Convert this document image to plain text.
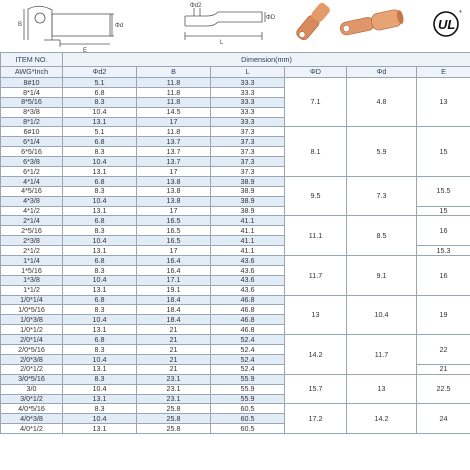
B	Φd
E
Φd2
ΦD
L
UL
®
ITEM NO.	Dimension(mm)					
AWG*Inch	Φd2	B	L	ΦD	Φd	E
8#10	5.1	11.8	33.3	7.1	4.8	13
8*1/4	6.8	11.8	33.3			
8*5/16	8.3	11.8	33.3			
8*3/8	10.4	14.5	33.3			
8*1/2	13.1	17	33.3			
6#10	5.1	11.8	37.3	8.1	5.9	15
6*1/4	6.8	13.7	37.3			
6*5/16	8.3	13.7	37.3			
6*3/8	10.4	13.7	37.3			
6*1/2	13.1	17	37.3			
4*1/4	6.8	13.8	38.9	9.5	7.3	15.5
4*5/16	8.3	13.8	38.9			
4*3/8	10.4	13.8	38.9			
4*1/2	13.1	17	38.9			15
2*1/4	6.8	16.5	41.1	11.1	8.5	16
2*5/16	8.3	16.5	41.1			
2*3/8	10.4	16.5	41.1			
2*1/2	13.1	17	41.1			15.3
1*1/4	6.8	16.4	43.6	11.7	9.1	16
1*5/16	8.3	16.4	43.6			
1*3/8	10.4	17.1	43.6			
1*1/2	13.1	19.1	43.6			
1/0*1/4	6.8	18.4	46.8	13	10.4	19
1/0*5/16	8.3	18.4	46.8			
1/0*3/8	10.4	18.4	46.8			
1/0*1/2	13.1	21	46.8			
2/0*1/4	6.8	21	52.4	14.2	11.7	22
2/0*5/16	8.3	21	52.4			
2/0*3/8	10.4	21	52.4			
2/0*1/2	13.1	21	52.4			21
3/0*5/16	8.3	23.1	55.9	15.7	13	22.5
3/0	10.4	23.1	55.9			
3/0*1/2	13.1	23.1	55.9			
4/0*5/16	8.3	25.8	60.5	17.2	14.2	24
4/0*3/8	10.4	25.8	60.5			
4/0*1/2	13.1	25.8	60.5			
